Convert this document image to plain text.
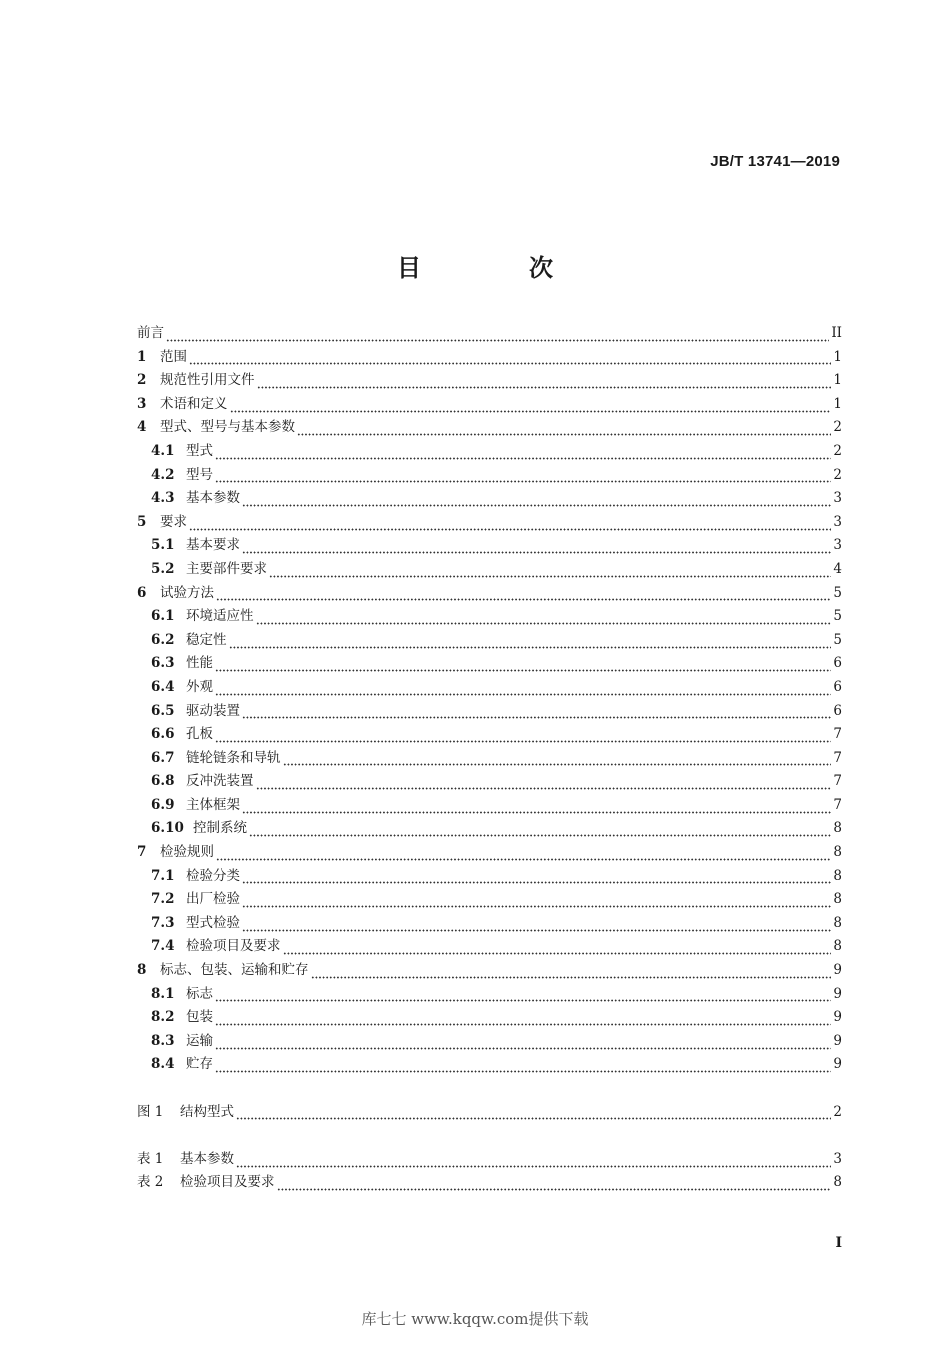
JB/T 13741—2019
目　次
前言	II
1	范围	1
2	规范性引用文件	1
3	术语和定义	1
4	型式、型号与基本参数	2
4.1 型式	2
4.2 型号	2
4.3 基本参数	3
5	要求	3
5.1 基本要求	3
5.2 主要部件要求	4
6	试验方法	5
6.1 环境适应性	5
6.2 稳定性	5
6.3 性能	6
6.4 外观	6
6.5 驱动装置	6
6.6 孔板	7
6.7 链轮链条和导轨	7
6.8 反冲洗装置	7
6.9 主体框架	7
6.10 控制系统	8
7	检验规则	8
7.1 检验分类	8
7.2 出厂检验	8
7.3 型式检验	8
7.4 检验项目及要求	8
8	标志、包装、运输和贮存	9
8.1 标志	9
8.2 包装	9
8.3 运输	9
8.4 贮存	9
图 1	结构型式	2
表 1	基本参数	3
表 2	检验项目及要求	8
I
库七七 www.kqqw.com提供下载
